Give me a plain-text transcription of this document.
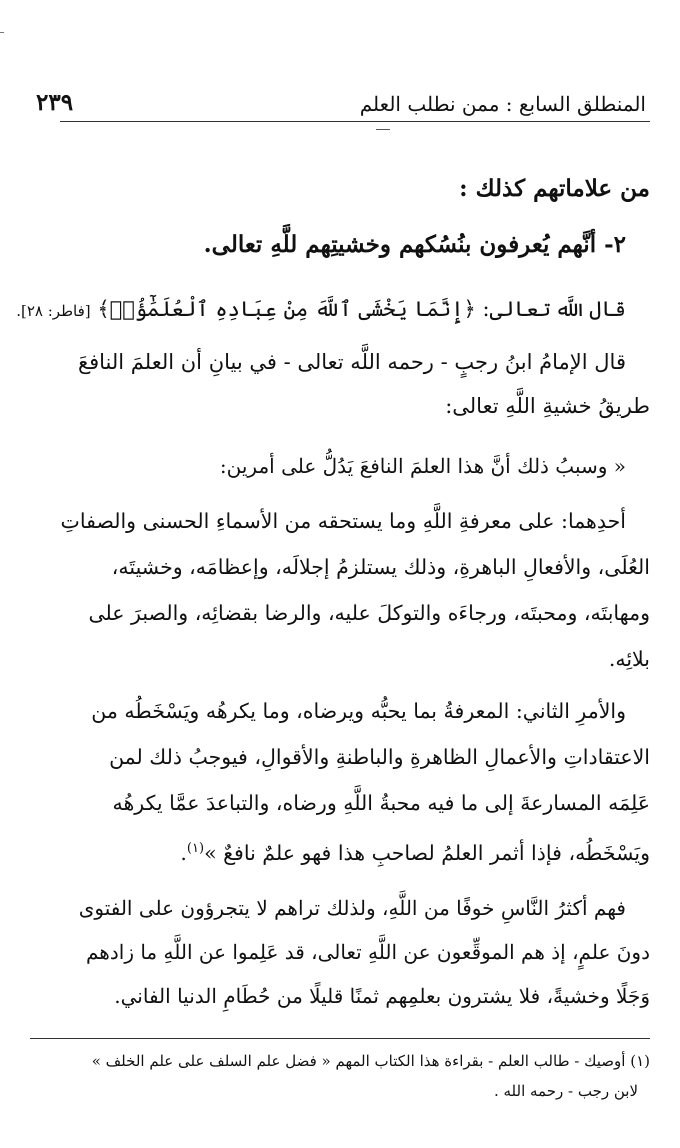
٢٣٩	المنطلق السابع : ممن نطلب العلم
من علاماتهم كذلك :
٢- أنَّهم يُعرفون بنُسُكهم وخشيتِهم للَّهِ تعالى.
قال اللَّه تعالى: ﴿إِنَّمَا يَخْشَى ٱللَّهَ مِنْ عِبَادِهِ ٱلْعُلَمَٰٓؤُا۟﴾ [فاطر: ٢٨].
قال الإمامُ ابنُ رجبٍ - رحمه اللَّه تعالى - في بيانِ أن العلمَ النافعَ
طريقُ خشيةِ اللَّهِ تعالى:
« وسببُ ذلك أنَّ هذا العلمَ النافعَ يَدُلُّ على أمرين:
أحدِهما: على معرفةِ اللَّهِ وما يستحقه من الأسماءِ الحسنى والصفاتِ
العُلَى، والأفعالِ الباهرةِ، وذلك يستلزمُ إجلالَه، وإعظامَه، وخشيتَه،
ومهابتَه، ومحبتَه، ورجاءَه والتوكلَ عليه، والرضا بقضائِه، والصبرَ على
بلائِه.
والأمرِ الثاني: المعرفةُ بما يحبُّه ويرضاه، وما يكرهُه ويَسْخَطُه من
الاعتقاداتِ والأعمالِ الظاهرةِ والباطنةِ والأقوالِ، فيوجبُ ذلك لمن
عَلِمَه المسارعةَ إلى ما فيه محبةُ اللَّهِ ورضاه، والتباعدَ عمَّا يكرهُه
ويَسْخَطُه، فإذا أثمر العلمُ لصاحبِ هذا فهو علمٌ نافعٌ »$^{(١)}$.
فهم أكثرُ النَّاسِ خوفًا من اللَّهِ، ولذلك تراهم لا يتجرؤون على الفتوى
دونَ علمٍ، إذ هم الموقِّعون عن اللَّهِ تعالى، قد عَلِموا عن اللَّهِ ما زادهم
وَجَلًا وخشيةً، فلا يشترون بعلمِهم ثمنًا قليلًا من حُطَامِ الدنيا الفاني.
(١) أوصيك - طالب العلم - بقراءة هذا الكتاب المهم « فضل علم السلف على علم الخلف »
لابن رجب - رحمه الله .
